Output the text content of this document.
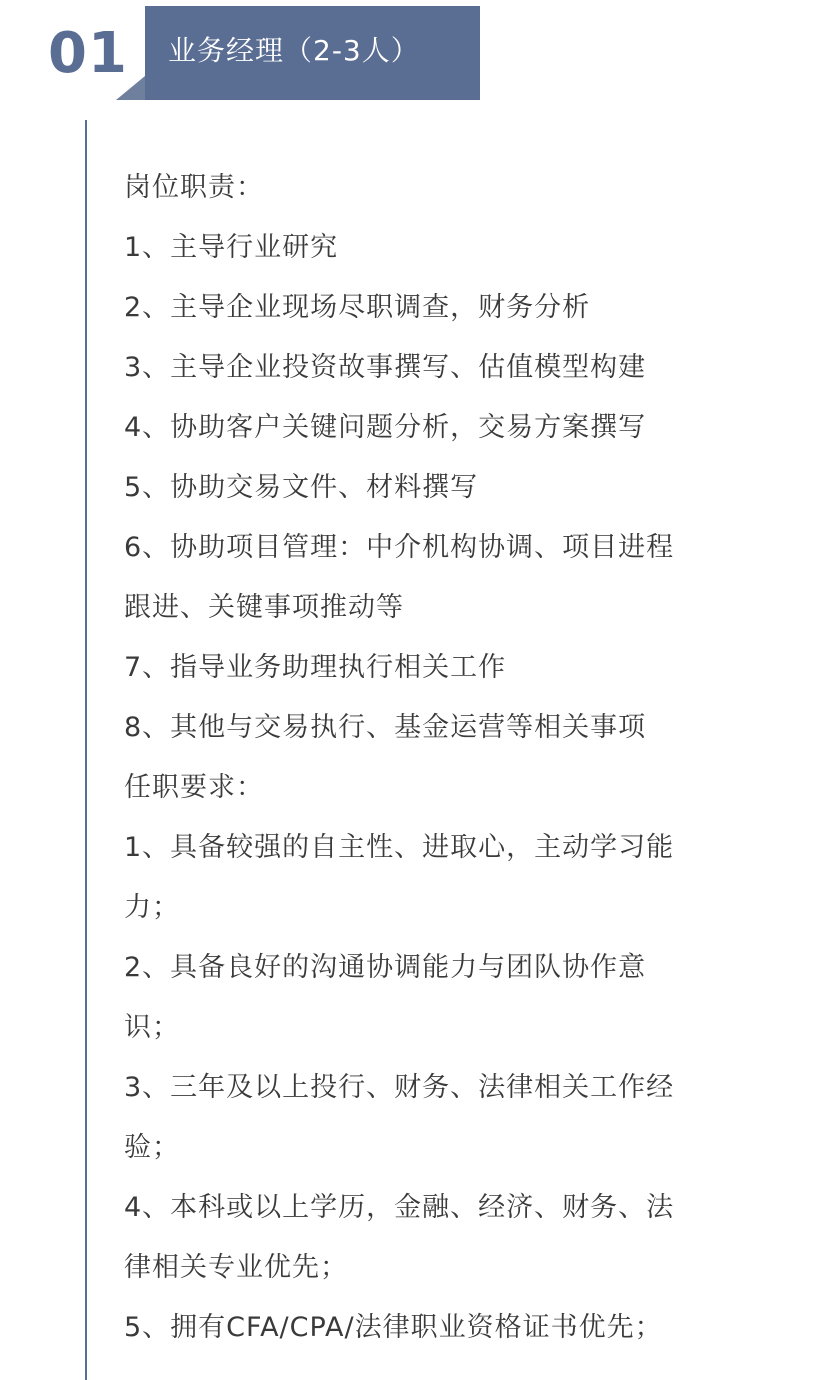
01 业务经理（2-3人）
岗位职责：
1、主导行业研究
2、主导企业现场尽职调查，财务分析
3、主导企业投资故事撰写、估值模型构建
4、协助客户关键问题分析，交易方案撰写
5、协助交易文件、材料撰写
6、协助项目管理：中介机构协调、项目进程
跟进、关键事项推动等
7、指导业务助理执行相关工作
8、其他与交易执行、基金运营等相关事项
任职要求：
1、具备较强的自主性、进取心，主动学习能
力；
2、具备良好的沟通协调能力与团队协作意
识；
3、三年及以上投行、财务、法律相关工作经
验；
4、本科或以上学历，金融、经济、财务、法
律相关专业优先；
5、拥有CFA/CPA/法律职业资格证书优先；
